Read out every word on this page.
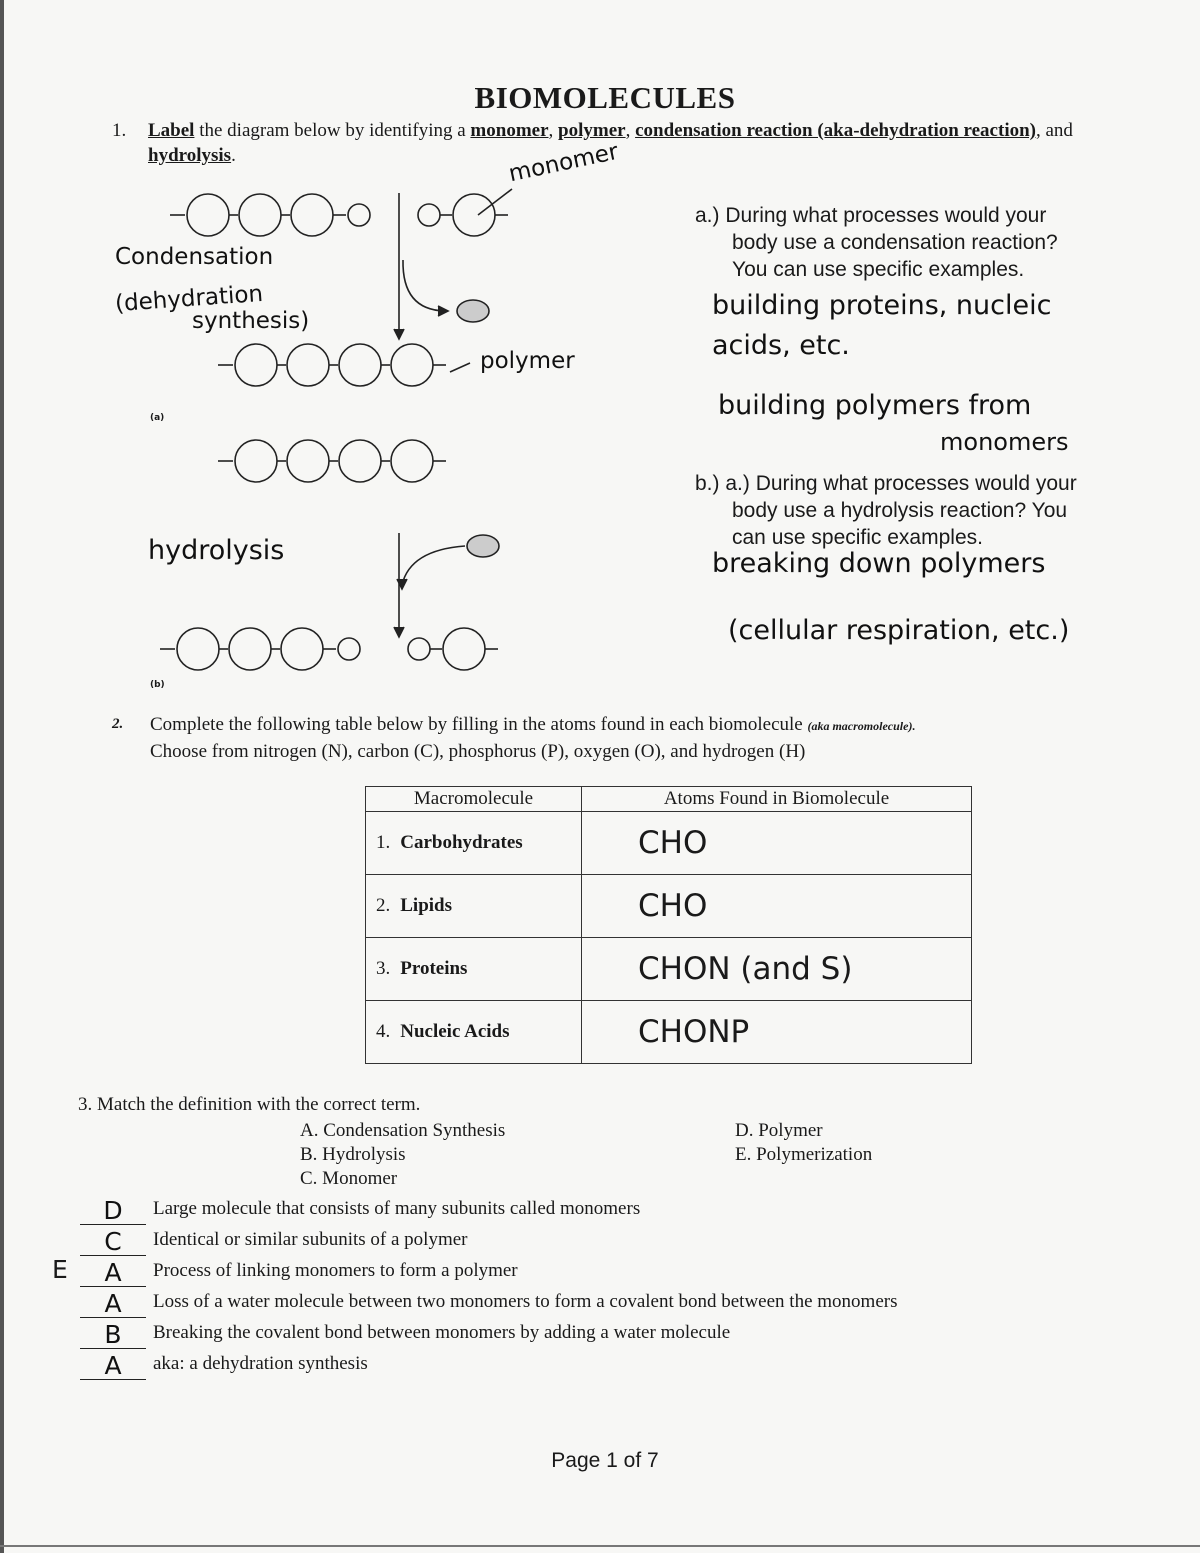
BIOMOLECULES
1. Label the diagram below by identifying a monomer, polymer, condensation reaction (aka-dehydration reaction), and hydrolysis.	monomer
Condensation
(dehydration
synthesis)
polymer
hydrolysis
(a)
(b)
a.) During what processes would your
body use a condensation reaction?
You can use specific examples.
building proteins, nucleic
acids, etc.
building polymers from
monomers
b.) a.) During what processes would your
body use a hydrolysis reaction? You
can use specific examples.
breaking down polymers
(cellular respiration, etc.)
2. Complete the following table below by filling in the atoms found in each biomolecule (aka macromolecule).
Choose from nitrogen (N), carbon (C), phosphorus (P), oxygen (O), and hydrogen (H)
Macromolecule	Atoms Found in Biomolecule
1. Carbohydrates	CHO
2. Lipids	CHO
3. Proteins	CHON (and S)
4. Nucleic Acids	CHONP
3. Match the definition with the correct term.
A. Condensation Synthesis
B. Hydrolysis
C. Monomer
D. Polymer
E. Polymerization
E
D	Large molecule that consists of many subunits called monomers
C	Identical or similar subunits of a polymer
A	Process of linking monomers to form a polymer
A	Loss of a water molecule between two monomers to form a covalent bond between the monomers
B	Breaking the covalent bond between monomers by adding a water molecule
A	aka: a dehydration synthesis
Page 1 of 7
